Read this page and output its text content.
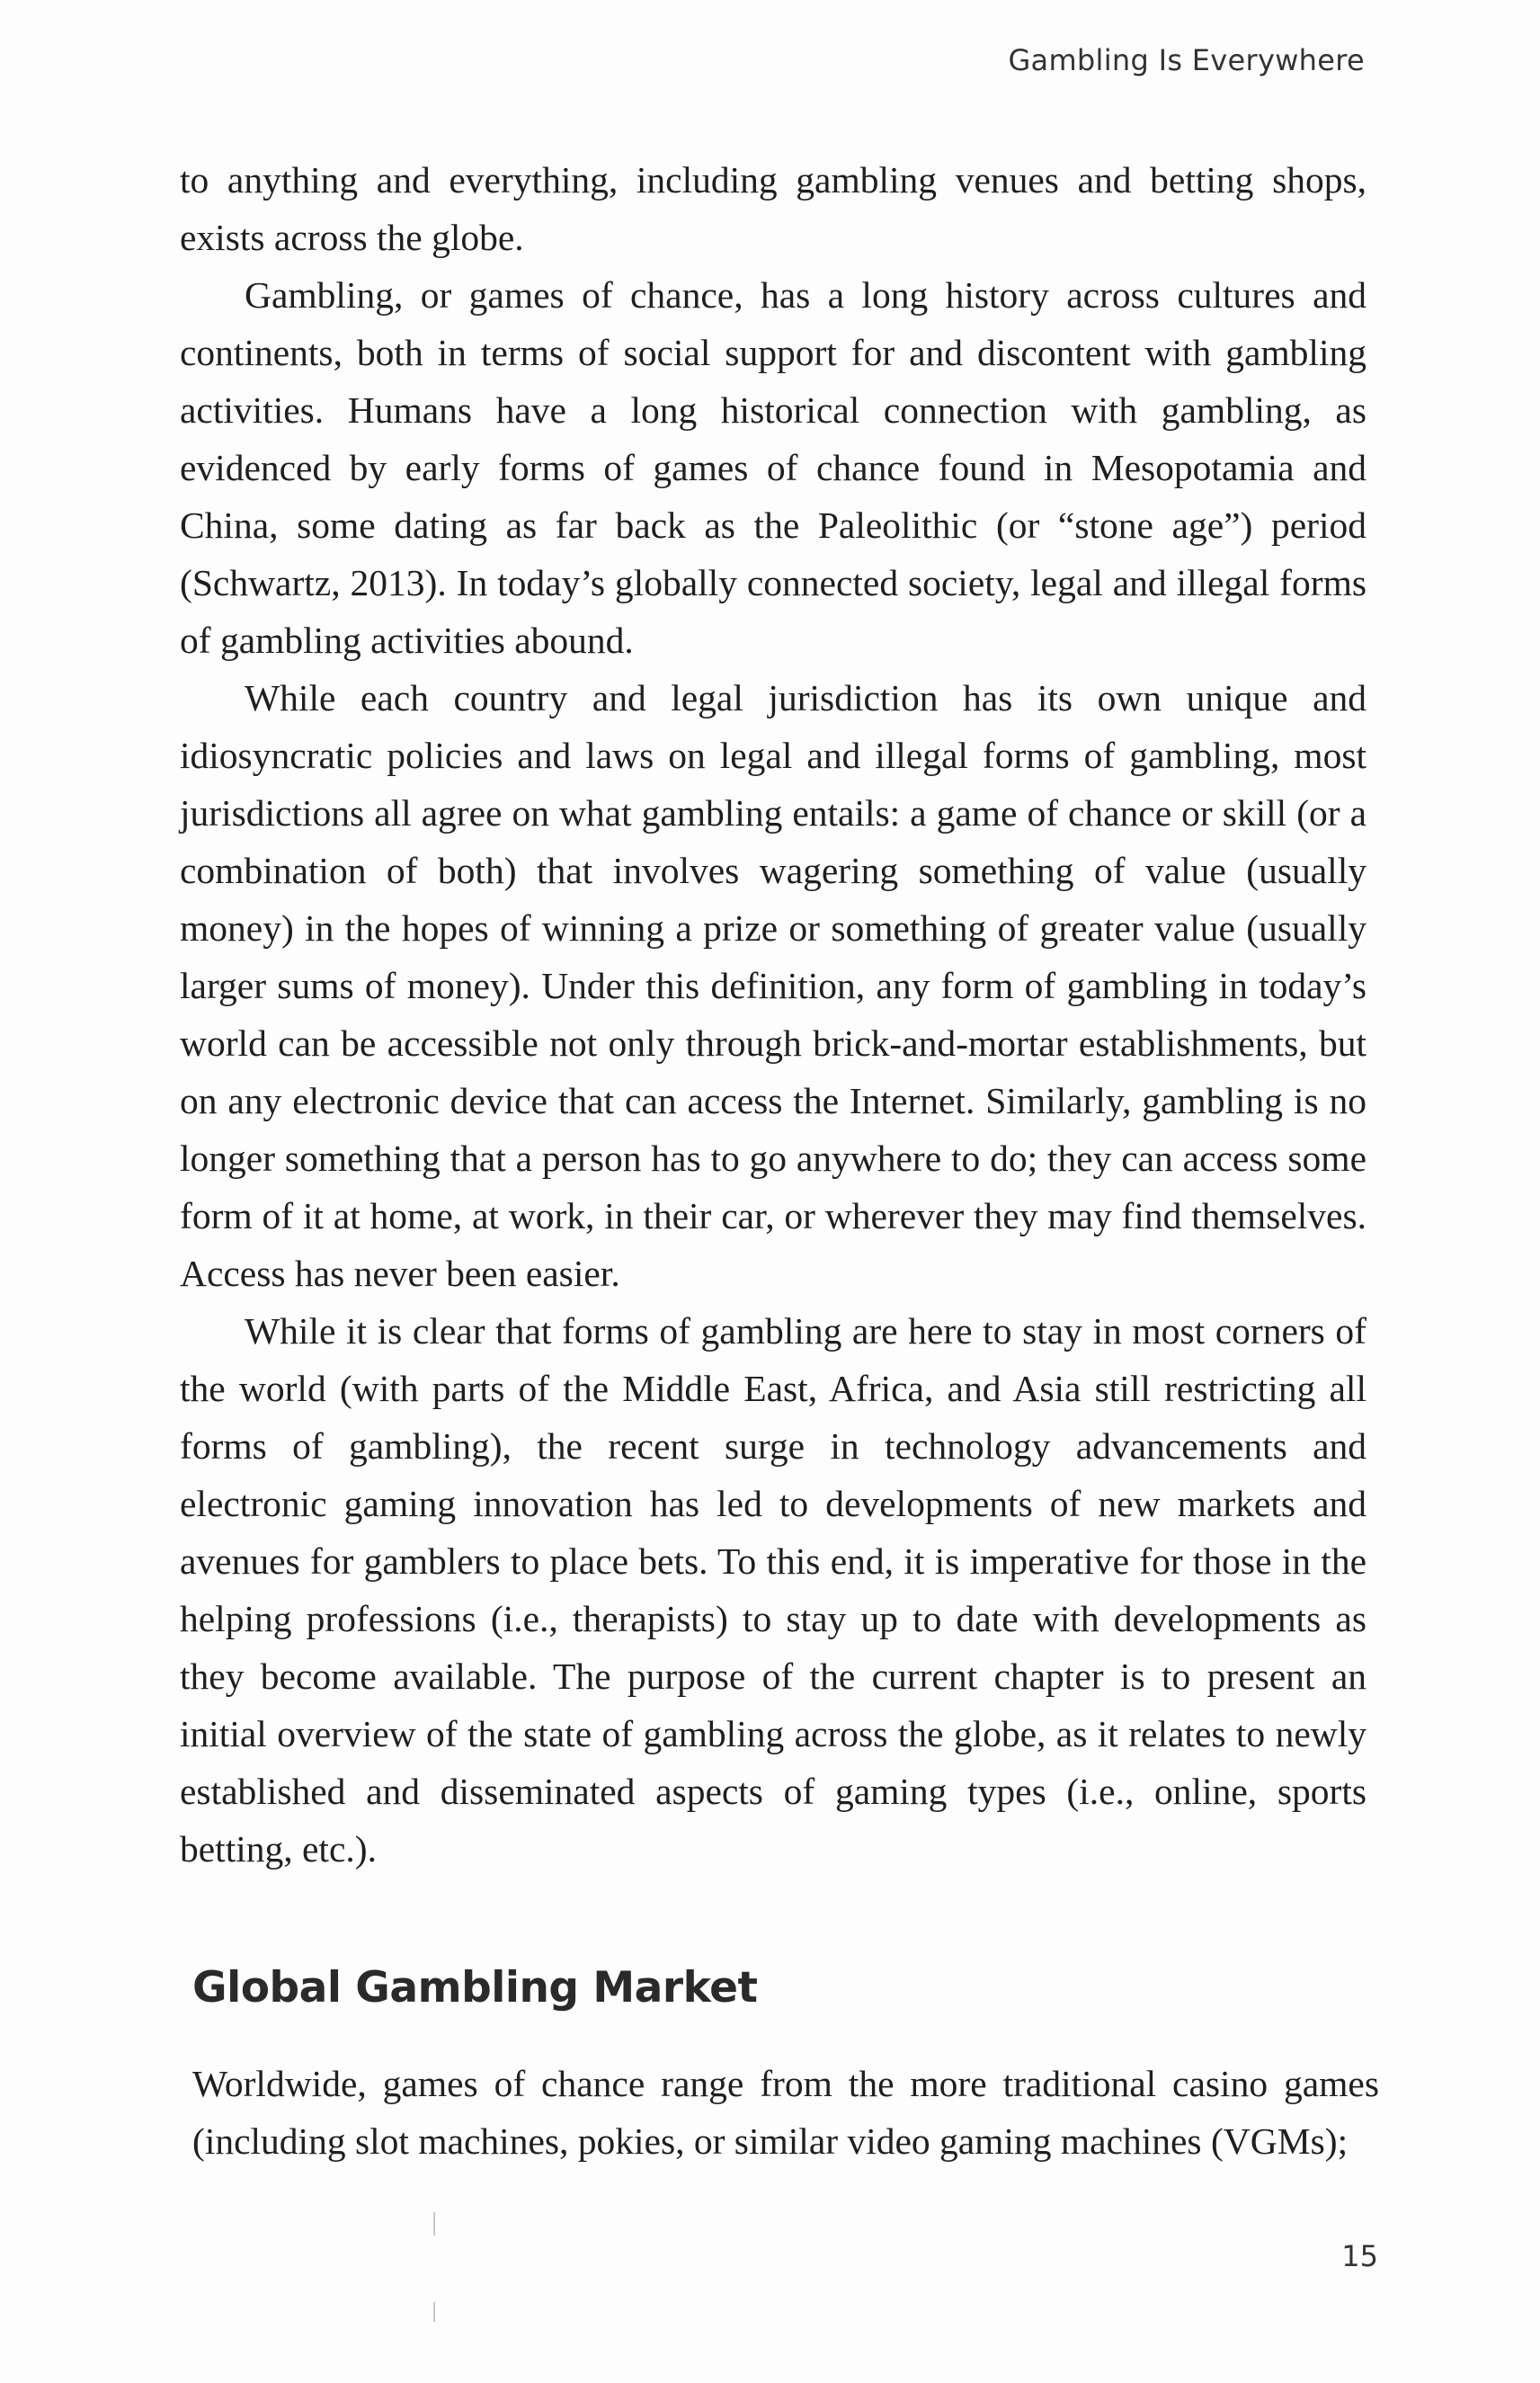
Gambling Is Everywhere

to anything and everything, including gambling venues and betting shops, exists across the globe.

Gambling, or games of chance, has a long history across cultures and continents, both in terms of social support for and discontent with gambling activities. Humans have a long historical connection with gambling, as evidenced by early forms of games of chance found in Mesopotamia and China, some dating as far back as the Paleolithic (or “stone age”) period (Schwartz, 2013). In today’s globally connected society, legal and illegal forms of gambling activities abound.

While each country and legal jurisdiction has its own unique and idiosyncratic policies and laws on legal and illegal forms of gambling, most jurisdictions all agree on what gambling entails: a game of chance or skill (or a combination of both) that involves wagering something of value (usually money) in the hopes of winning a prize or something of greater value (usually larger sums of money). Under this definition, any form of gambling in today’s world can be accessible not only through brick-and-mortar establishments, but on any electronic device that can access the Internet. Similarly, gambling is no longer something that a person has to go anywhere to do; they can access some form of it at home, at work, in their car, or wherever they may find themselves. Access has never been easier.

While it is clear that forms of gambling are here to stay in most corners of the world (with parts of the Middle East, Africa, and Asia still restricting all forms of gambling), the recent surge in technology advancements and electronic gaming innovation has led to developments of new markets and avenues for gamblers to place bets. To this end, it is imperative for those in the helping professions (i.e., therapists) to stay up to date with developments as they become available. The purpose of the current chapter is to present an initial overview of the state of gambling across the globe, as it relates to newly established and disseminated aspects of gaming types (i.e., online, sports betting, etc.).

Global Gambling Market

Worldwide, games of chance range from the more traditional casino games (including slot machines, pokies, or similar video gaming machines (VGMs);

15
